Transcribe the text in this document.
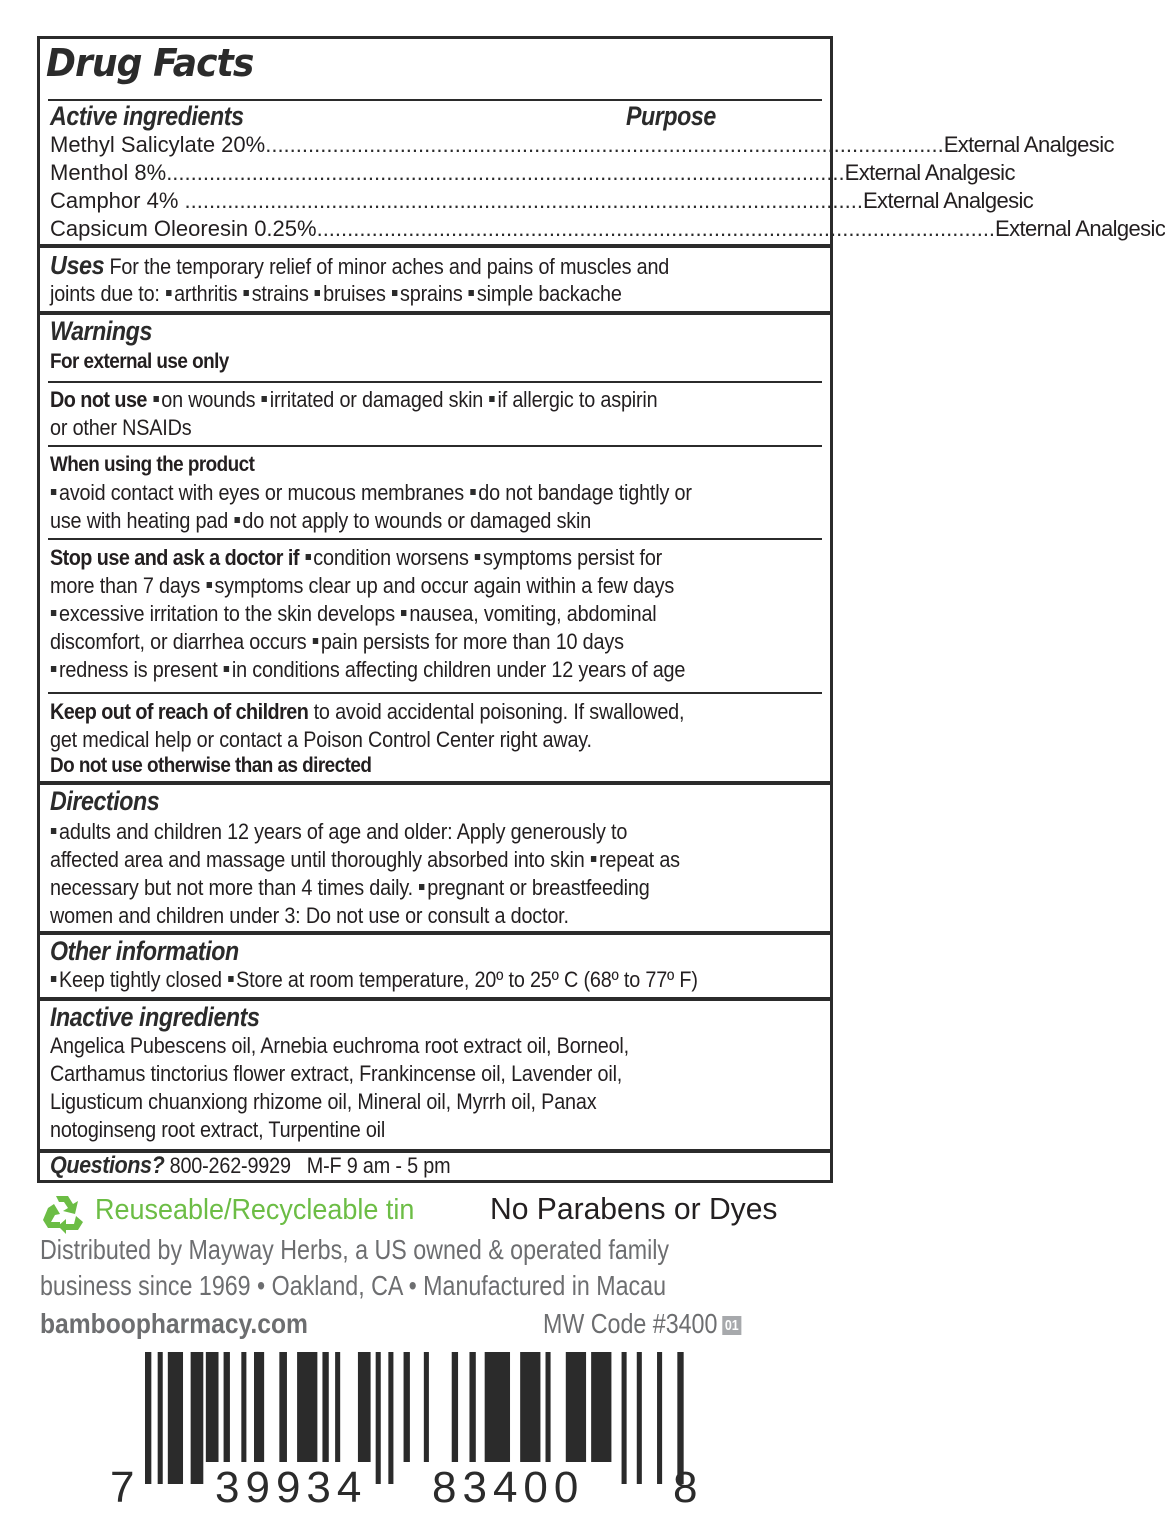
Drug Facts
Active ingredients	Purpose
Methyl Salicylate 20%............................................................................................................... External Analgesic
Menthol 8%............................................................................................................... External Analgesic
Camphor 4% ............................................................................................................... External Analgesic
Capsicum Oleoresin 0.25%............................................................................................................... External Analgesic
Uses For the temporary relief of minor aches and pains of muscles and
joints due to: arthritis strains bruises sprains simple backache
Warnings
For external use only
Do not use on wounds irritated or damaged skin if allergic to aspirin
or other NSAIDs
When using the product
avoid contact with eyes or mucous membranes do not bandage tightly or
use with heating pad do not apply to wounds or damaged skin
Stop use and ask a doctor if condition worsens symptoms persist for
more than 7 days symptoms clear up and occur again within a few days
excessive irritation to the skin develops nausea, vomiting, abdominal
discomfort, or diarrhea occurs pain persists for more than 10 days
redness is present in conditions affecting children under 12 years of age
Keep out of reach of children to avoid accidental poisoning. If swallowed,
get medical help or contact a Poison Control Center right away.
Do not use otherwise than as directed
Directions
adults and children 12 years of age and older: Apply generously to
affected area and massage until thoroughly absorbed into skin repeat as
necessary but not more than 4 times daily. pregnant or breastfeeding
women and children under 3: Do not use or consult a doctor.
Other information
Keep tightly closed Store at room temperature, 20º to 25º C (68º to 77º F)
Inactive ingredients
Angelica Pubescens oil, Arnebia euchroma root extract oil, Borneol,
Carthamus tinctorius flower extract, Frankincense oil, Lavender oil,
Ligusticum chuanxiong rhizome oil, Mineral oil, Myrrh oil, Panax
notoginseng root extract, Turpentine oil
Questions? 800-262-9929 M-F 9 am - 5 pm
Reuseable/Recycleable tin No Parabens or Dyes
Distributed by Mayway Herbs, a US owned & operated family
business since 1969 • Oakland, CA • Manufactured in Macau
bamboopharmacy.com	MW Code #3400 01
7 39934 83400 8
